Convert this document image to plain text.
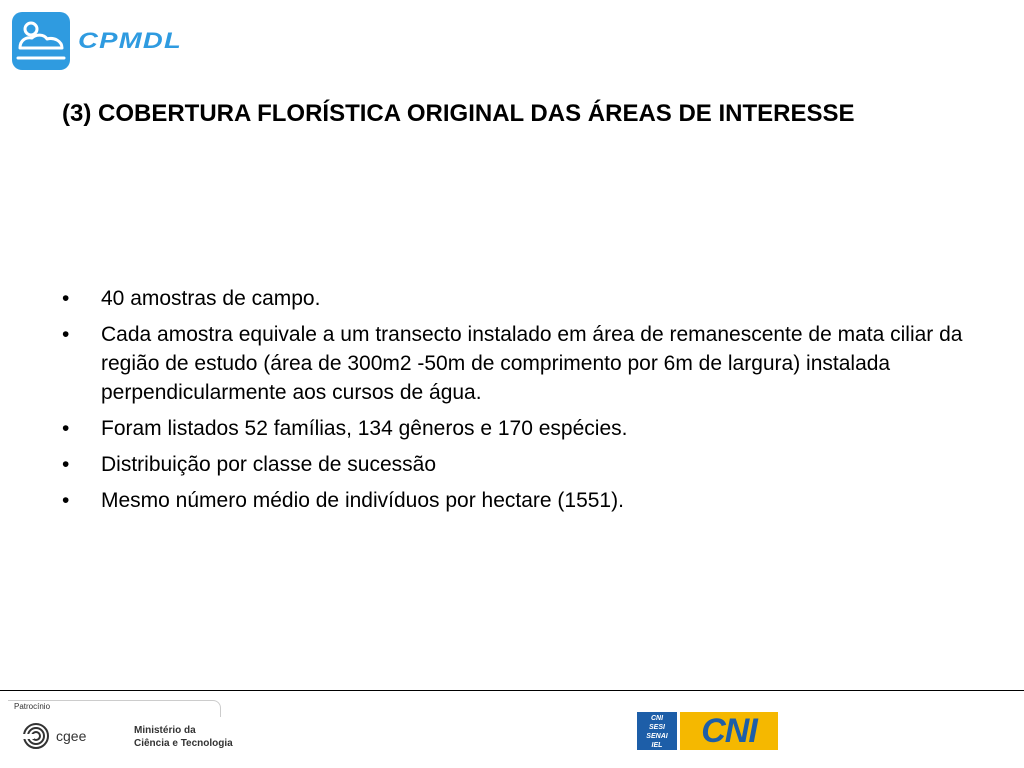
CPMDL
(3) COBERTURA FLORÍSTICA ORIGINAL DAS ÁREAS DE INTERESSE
• 40 amostras de campo.
• Cada amostra equivale a um transecto instalado em área de remanescente de mata ciliar da região de estudo (área de 300m2 -50m de comprimento por 6m de largura) instalada perpendicularmente aos cursos de água.
• Foram listados 52 famílias, 134 gêneros e 170 espécies.
• Distribuição por classe de sucessão
• Mesmo número médio de indivíduos por hectare (1551).
Patrocínio
cgee	Ministério da
Ciência e Tecnologia
CNI
SESI
SENAI
IEL	CNI
